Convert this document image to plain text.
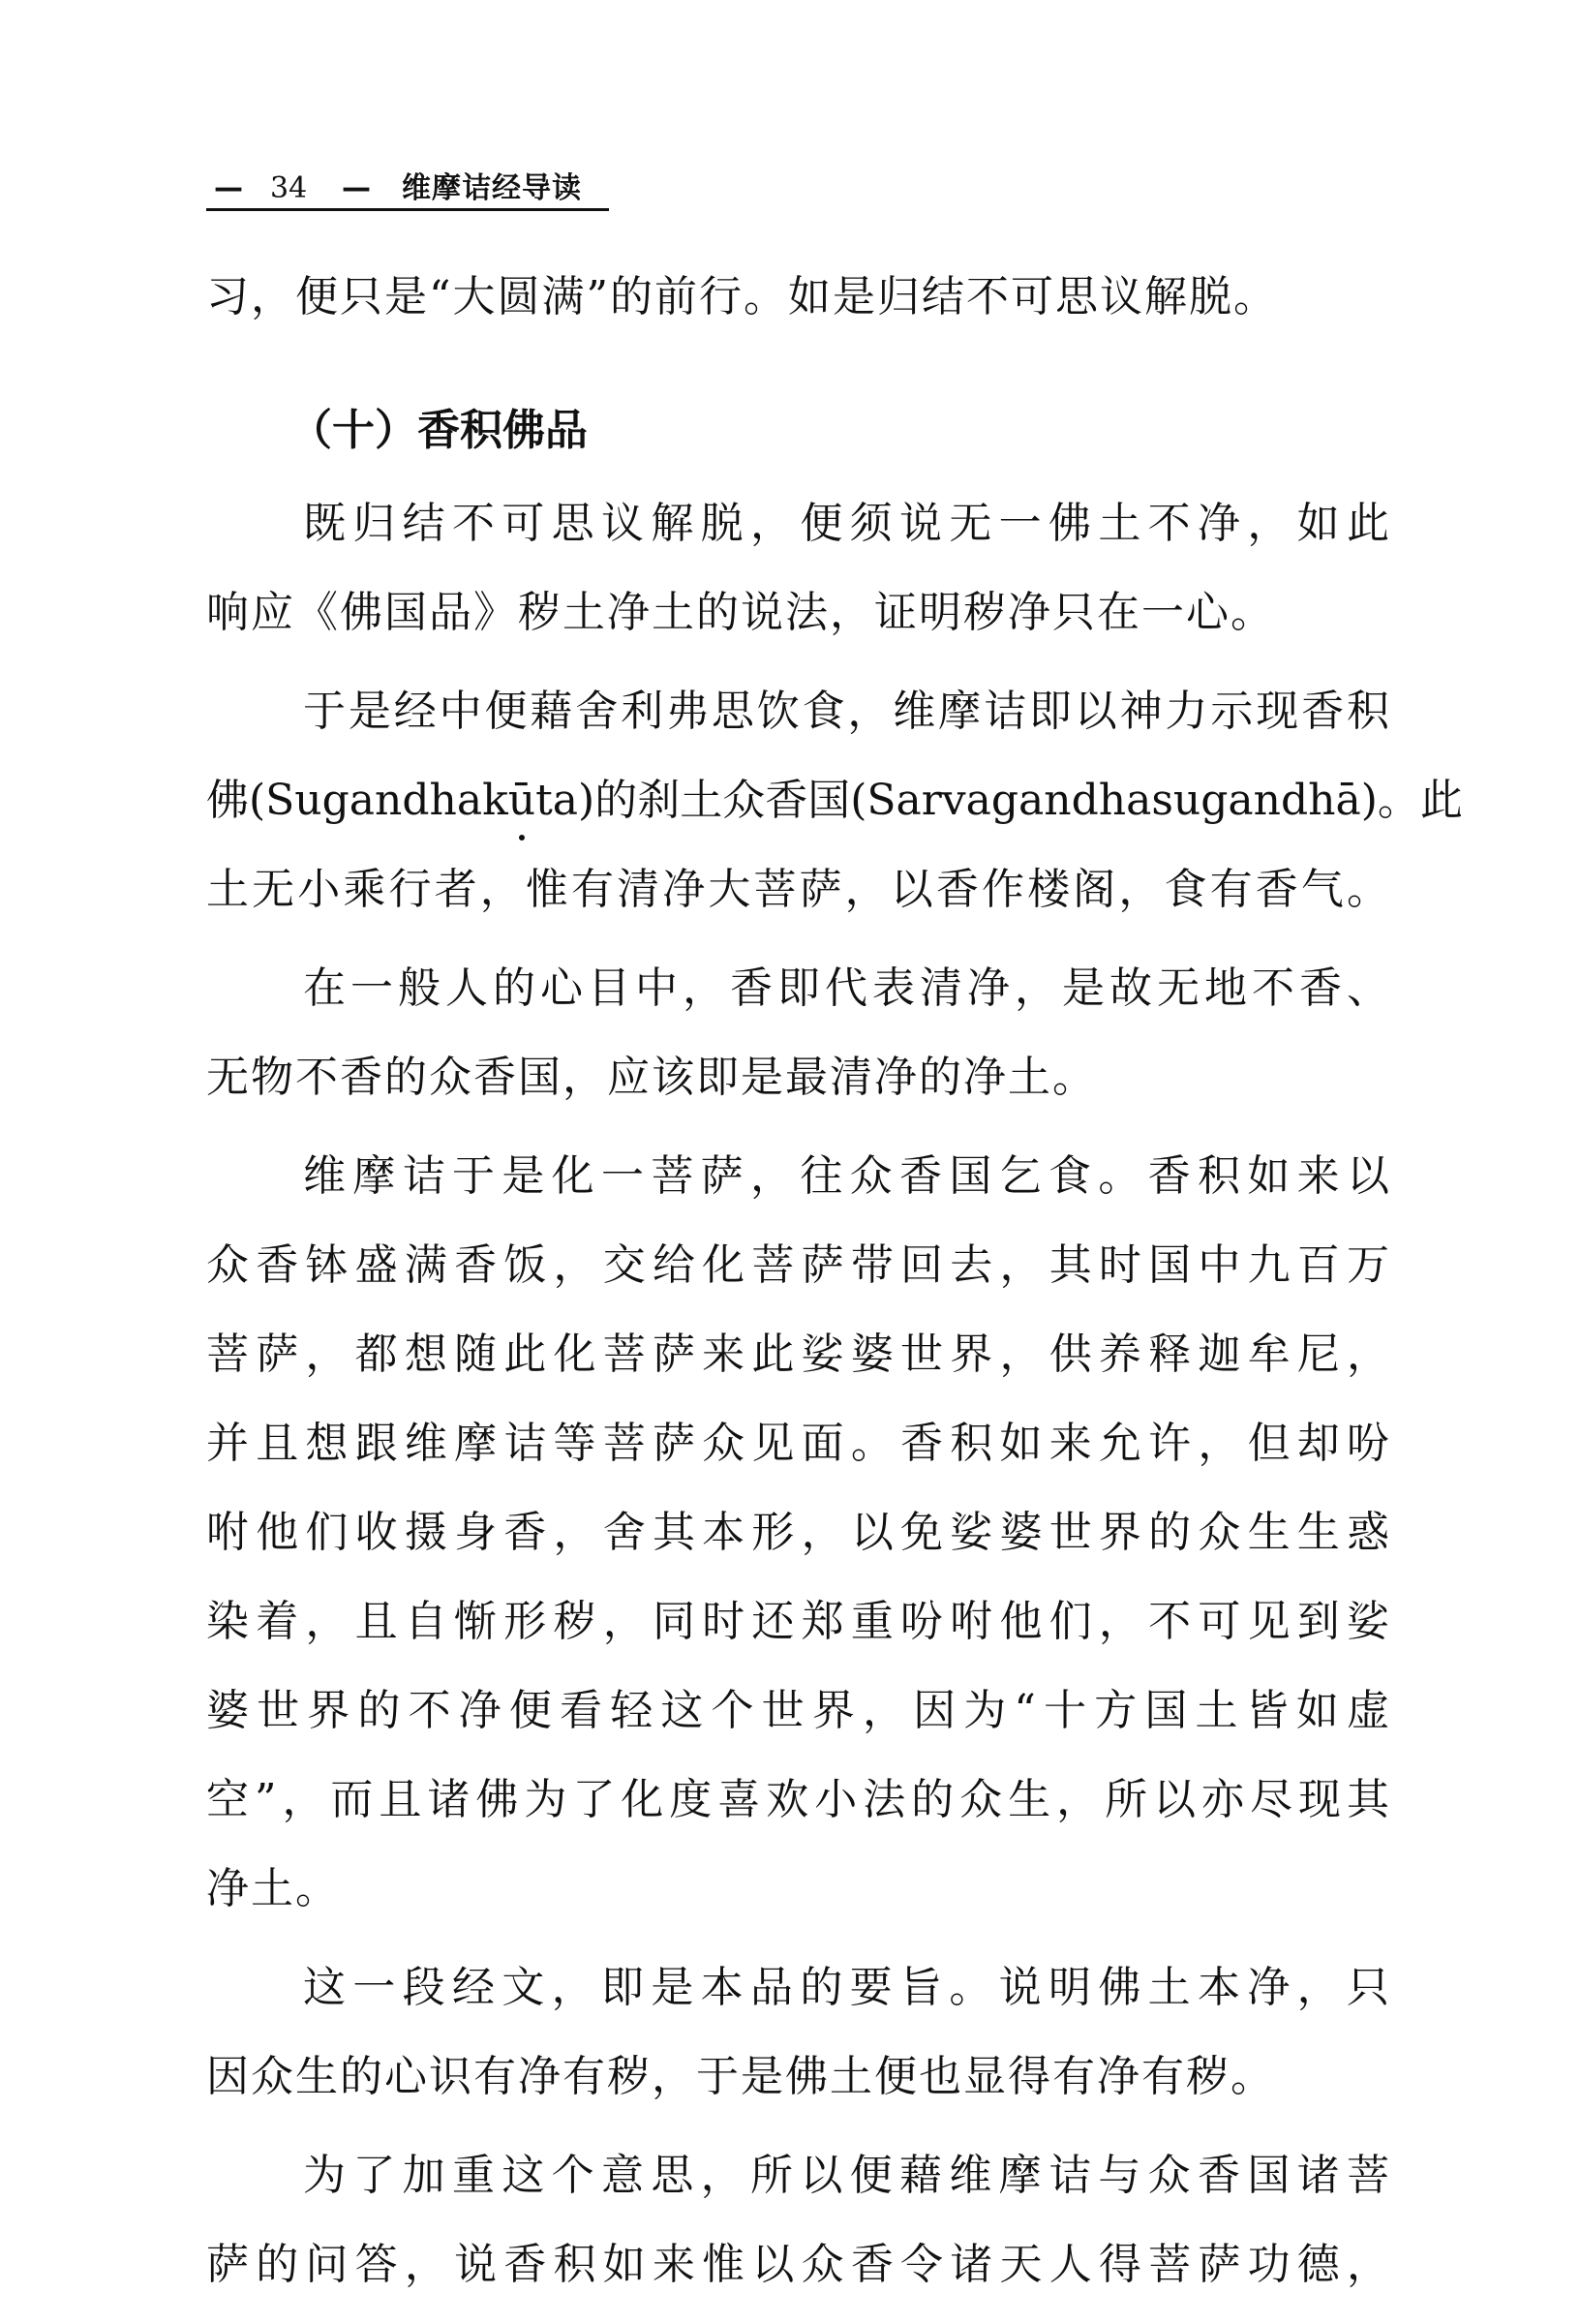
— 34 — 维摩诘经导读
习，便只是“大圆满”的前行。如是归结不可思议解脱。
（十）香积佛品
既归结不可思议解脱，便须说无一佛土不净，如此
响应《佛国品》秽土净土的说法，证明秽净只在一心。
于是经中便藉舍利弗思饮食，维摩诘即以神力示现香积
佛(Sugandhakūta)的刹土众香国(Sarvagandhasugandhā)。此
土无小乘行者，惟有清净大菩萨，以香作楼阁，食有香气。
在一般人的心目中，香即代表清净，是故无地不香、
无物不香的众香国，应该即是最清净的净土。
维摩诘于是化一菩萨，往众香国乞食。香积如来以
众香钵盛满香饭，交给化菩萨带回去，其时国中九百万
菩萨，都想随此化菩萨来此娑婆世界，供养释迦牟尼，
并且想跟维摩诘等菩萨众见面。香积如来允许，但却吩
咐他们收摄身香，舍其本形，以免娑婆世界的众生生惑
染着，且自惭形秽，同时还郑重吩咐他们，不可见到娑
婆世界的不净便看轻这个世界，因为“十方国土皆如虚
空”，而且诸佛为了化度喜欢小法的众生，所以亦尽现其
净土。
这一段经文，即是本品的要旨。说明佛土本净，只
因众生的心识有净有秽，于是佛土便也显得有净有秽。
为了加重这个意思，所以便藉维摩诘与众香国诸菩
萨的问答，说香积如来惟以众香令诸天人得菩萨功德，
